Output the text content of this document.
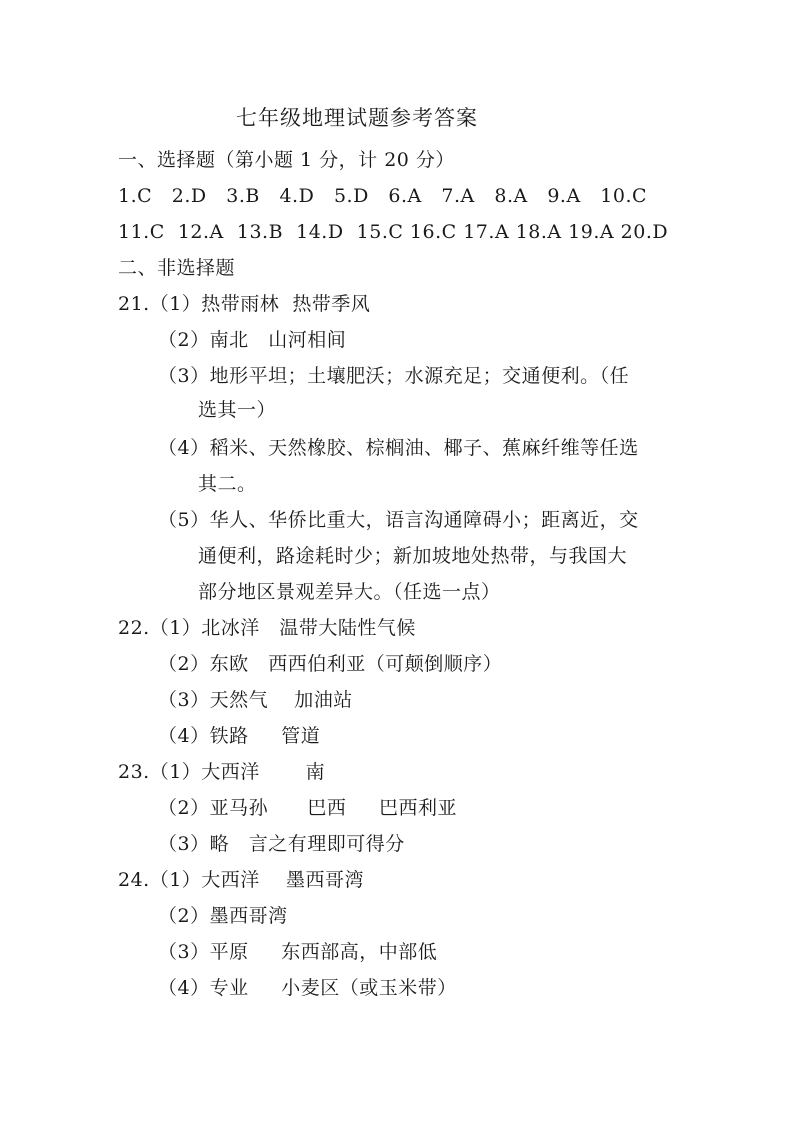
七年级地理试题参考答案
一、选择题（第小题 1 分，计 20 分）
1.C   2.D   3.B   4.D   5.D   6.A   7.A   8.A   9.A   10.C
11.C  12.A  13.B  14.D  15.C 16.C 17.A 18.A 19.A 20.D
二、非选择题
21.（1）热带雨林  热带季风
（2）南北   山河相间
（3）地形平坦；土壤肥沃；水源充足；交通便利。（任
选其一）
（4）稻米、天然橡胶、棕榈油、椰子、蕉麻纤维等任选
其二。
（5）华人、华侨比重大，语言沟通障碍小；距离近，交
通便利，路途耗时少；新加坡地处热带，与我国大
部分地区景观差异大。（任选一点）
22.（1）北冰洋   温带大陆性气候
（2）东欧   西西伯利亚（可颠倒顺序）
（3）天然气    加油站
（4）铁路     管道
23.（1）大西洋       南
（2）亚马孙      巴西     巴西利亚
（3）略   言之有理即可得分
24.（1）大西洋    墨西哥湾
（2）墨西哥湾
（3）平原     东西部高，中部低
（4）专业     小麦区（或玉米带）
